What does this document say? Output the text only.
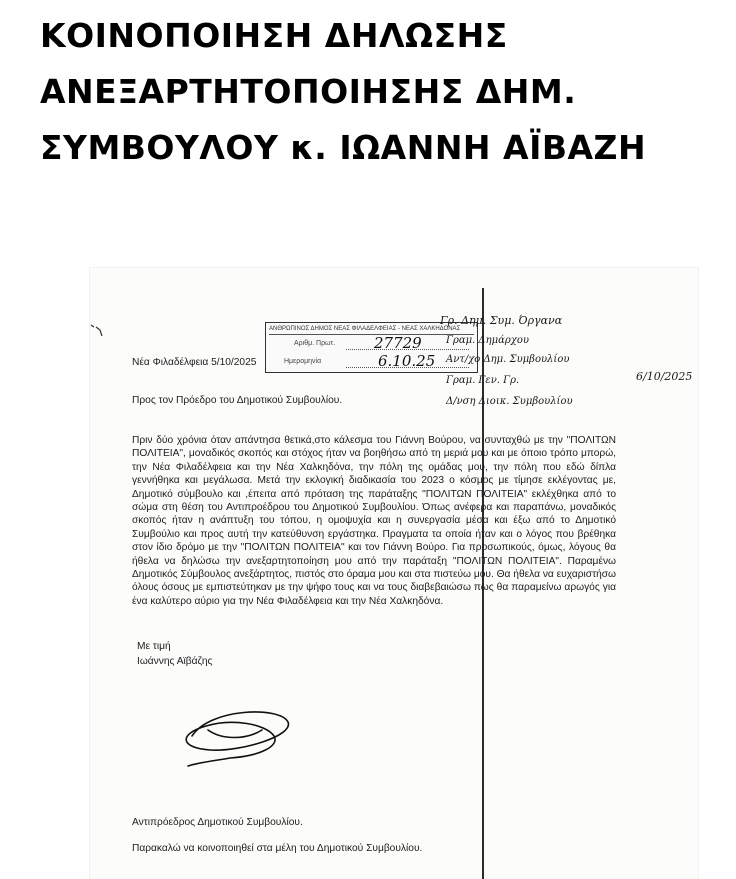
ΚΟΙΝΟΠΟΙΗΣΗ ΔΗΛΩΣΗΣ
ΑΝΕΞΑΡΤΗΤΟΠΟΙΗΣΗΣ ΔΗΜ.
ΣΥΜΒΟΥΛΟΥ κ. ΙΩΑΝΝΗ ΑΪΒΑΖΗ
ΑΝΘΡΩΠΙΝΟΣ ΔΗΜΟΣ ΝΕΑΣ ΦΙΛΑΔΕΛΦΕΙΑΣ - ΝΕΑΣ ΧΑΛΚΗΔΟΝΑΣ
Αριθμ. Πρωτ.	27729
Ημερομηνία	6.10.25
Γρ. Δημ. Συμ. Όργανα
Γραμ. Δημάρχου
Αντ/χο Δημ. Συμβουλίου
Γραμ. Γεν. Γρ.
Δ/νση Διοικ. Συμβουλίου
6/10/2025
Νέα Φιλαδέλφεια 5/10/2025
Προς τον Πρόεδρο του Δημοτικού Συμβουλίου.
Πριν δύο χρόνια όταν απάντησα θετικά,στο κάλεσμα του Γιάννη Βούρου, να συνταχθώ με την "ΠΟΛΙΤΩΝ ΠΟΛΙΤΕΙΑ", μοναδικός σκοπός και στόχος ήταν να βοηθήσω από τη μεριά μου και με όποιο τρόπο μπορώ, την Νέα Φιλαδέλφεια και την Νέα Χαλκηδόνα, την πόλη της ομάδας μου, την πόλη που εδώ δίπλα γεννήθηκα και μεγάλωσα. Μετά την εκλογική διαδικασία του 2023 ο κόσμος με τίμησε εκλέγοντας με, Δημοτικό σύμβουλο και ,έπειτα από πρόταση της παράταξης "ΠΟΛΙΤΩΝ ΠΟΛΙΤΕΙΑ" εκλέχθηκα από το σώμα στη θέση του Αντιπροέδρου του Δημοτικού Συμβουλίου. Όπως ανέφερα και παραπάνω, μοναδικός σκοπός ήταν η ανάπτυξη του τόπου, η ομοψυχία και η συνεργασία μέσα και έξω από το Δημοτικό Συμβούλιο και προς αυτή την κατεύθυνση εργάστηκα. Πραγματα τα οποία ήταν και ο λόγος που βρέθηκα στον ίδιο δρόμο με την "ΠΟΛΙΤΩΝ ΠΟΛΙΤΕΙΑ" και τον Γιάννη Βούρο. Για προσωπικούς, όμως, λόγους θα ήθελα να δηλώσω την ανεξαρτητοποίηση μου από την παράταξη "ΠΟΛΙΤΩΝ ΠΟΛΙΤΕΙΑ". Παραμένω Δημοτικός Σύμβουλος ανεξάρτητος, πιστός στο όραμα μου και στα πιστεύω μου. Θα ήθελα να ευχαριστήσω όλους όσους με εμπιστεύτηκαν με την ψήφο τους και να τους διαβεβαιώσω πως θα παραμείνω αρωγός για ένα καλύτερο αύριο για την Νέα Φιλαδέλφεια και την Νέα Χαλκηδόνα.
Με τιμή
Ιωάννης Αϊβάζης
Αντιπρόεδρος Δημοτικού Συμβουλίου.
Παρακαλώ να κοινοποιηθεί στα μέλη του Δημοτικού Συμβουλίου.
